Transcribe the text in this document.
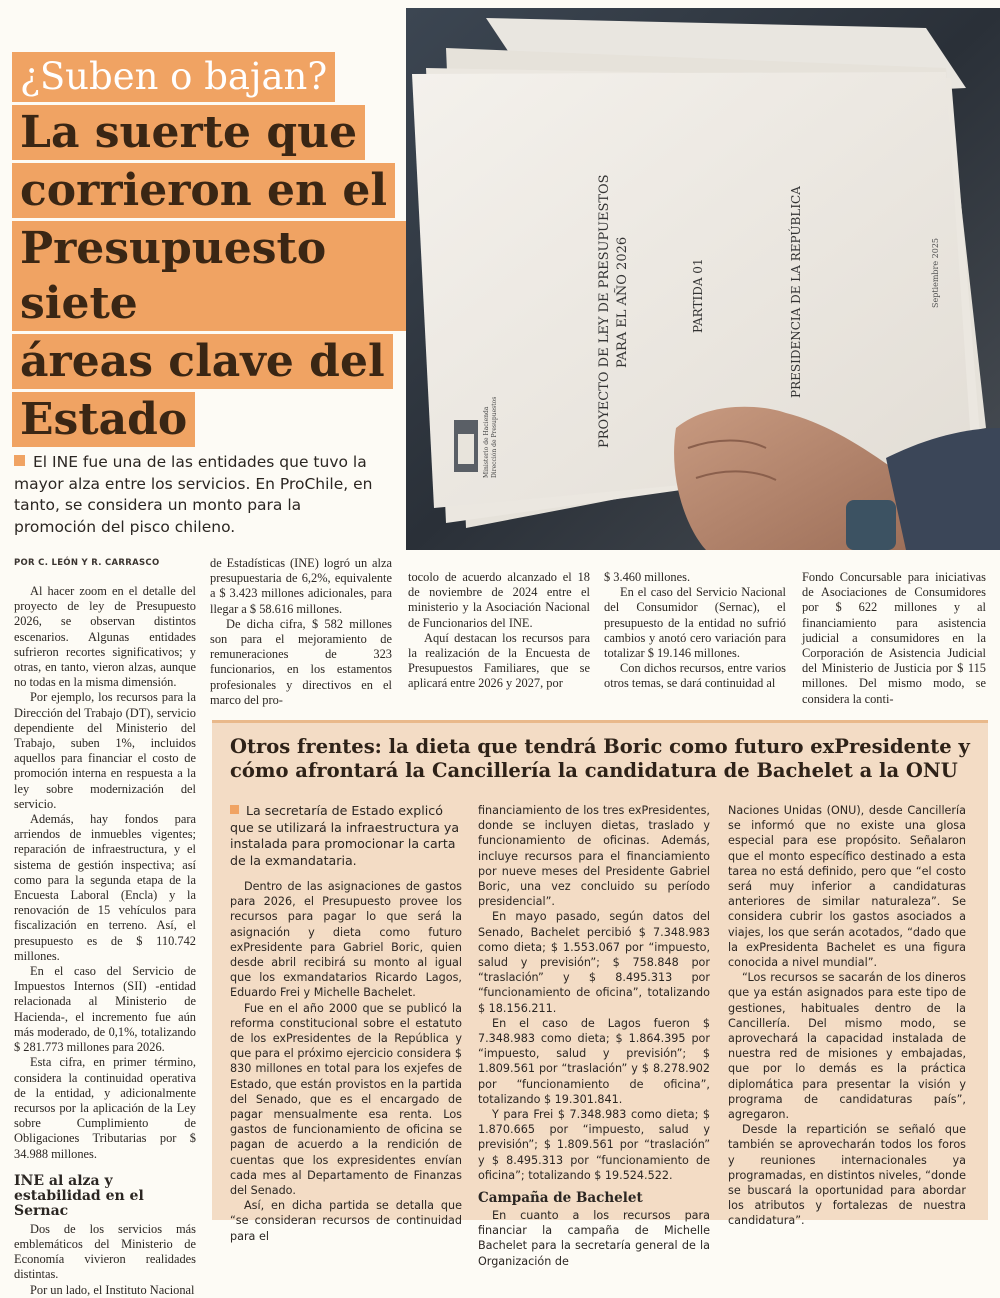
¿Suben o bajan?
La suerte que
corrieron en el
Presupuesto siete
áreas clave del
Estado	Ministerio de Hacienda Dirección de Presupuestos	PROYECTO DE LEY DE PRESUPUESTOS PARA EL AÑO 2026	PARTIDA 01	PRESIDENCIA DE LA REPÚBLICA	Septiembre 2025
El INE fue una de las entidades que tuvo la mayor alza entre los servicios. En ProChile, en tanto, se considera un monto para la promoción del pisco chileno.
POR C. LEÓN Y R. CARRASCO

Al hacer zoom en el detalle del proyecto de ley de Presupuesto 2026, se observan distintos escenarios. Algunas entidades sufrieron recortes significativos; y otras, en tanto, vieron alzas, aunque no todas en la misma dimensión.

Por ejemplo, los recursos para la Dirección del Trabajo (DT), servicio dependiente del Ministerio del Trabajo, suben 1%, incluidos aquellos para financiar el costo de promoción interna en respuesta a la ley sobre modernización del servicio.

Además, hay fondos para arriendos de inmuebles vigentes; reparación de infraestructura, y el sistema de gestión inspectiva; así como para la segunda etapa de la Encuesta Laboral (Encla) y la renovación de 15 vehículos para fiscalización en terreno. Así, el presupuesto es de $ 110.742 millones.

En el caso del Servicio de Impuestos Internos (SII) -entidad relacionada al Ministerio de Hacienda-, el incremento fue aún más moderado, de 0,1%, totalizando $ 281.773 millones para 2026.

Esta cifra, en primer término, considera la continuidad operativa de la entidad, y adicionalmente recursos por la aplicación de la Ley sobre Cumplimiento de Obligaciones Tributarias por $ 34.988 millones.

INE al alza y estabilidad en el Sernac

Dos de los servicios más emblemáticos del Ministerio de Economía vivieron realidades distintas.

Por un lado, el Instituto Nacional

de Estadísticas (INE) logró un alza presupuestaria de 6,2%, equivalente a $ 3.423 millones adicionales, para llegar a $ 58.616 millones.

De dicha cifra, $ 582 millones son para el mejoramiento de remuneraciones de 323 funcionarios, en los estamentos profesionales y directivos en el marco del pro-

tocolo de acuerdo alcanzado el 18 de noviembre de 2024 entre el ministerio y la Asociación Nacional de Funcionarios del INE.

Aquí destacan los recursos para la realización de la Encuesta de Presupuestos Familiares, que se aplicará entre 2026 y 2027, por

$ 3.460 millones.

En el caso del Servicio Nacional del Consumidor (Sernac), el presupuesto de la entidad no sufrió cambios y anotó cero variación para totalizar $ 19.146 millones.

Con dichos recursos, entre varios otros temas, se dará continuidad al

Fondo Concursable para iniciativas de Asociaciones de Consumidores por $ 622 millones y al financiamiento para asistencia judicial a consumidores en la Corporación de Asistencia Judicial del Ministerio de Justicia por $ 115 millones. Del mismo modo, se considera la conti-

Otros frentes: la dieta que tendrá Boric como futuro exPresidente y cómo afrontará la Cancillería la candidatura de Bachelet a la ONU
La secretaría de Estado explicó que se utilizará la infraestructura ya instalada para promocionar la carta de la exmandataria.

Dentro de las asignaciones de gastos para 2026, el Presupuesto provee los recursos para pagar lo que será la asignación y dieta como futuro exPresidente para Gabriel Boric, quien desde abril recibirá su monto al igual que los exmandatarios Ricardo Lagos, Eduardo Frei y Michelle Bachelet.

Fue en el año 2000 que se publicó la reforma constitucional sobre el estatuto de los exPresidentes de la República y que para el próximo ejercicio considera $ 830 millones en total para los exjefes de Estado, que están provistos en la partida del Senado, que es el encargado de pagar mensualmente esa renta. Los gastos de funcionamiento de oficina se pagan de acuerdo a la rendición de cuentas que los expresidentes envían cada mes al Departamento de Finanzas del Senado.

Así, en dicha partida se detalla que “se consideran recursos de continuidad para el

financiamiento de los tres exPresidentes, donde se incluyen dietas, traslado y funcionamiento de oficinas. Además, incluye recursos para el financiamiento por nueve meses del Presidente Gabriel Boric, una vez concluido su período presidencial”.

En mayo pasado, según datos del Senado, Bachelet percibió $ 7.348.983 como dieta; $ 1.553.067 por “impuesto, salud y previsión”; $ 758.848 por “traslación” y $ 8.495.313 por “funcionamiento de oficina”, totalizando $ 18.156.211.

En el caso de Lagos fueron $ 7.348.983 como dieta; $ 1.864.395 por “impuesto, salud y previsión”; $ 1.809.561 por “traslación” y $ 8.278.902 por “funcionamiento de oficina”, totalizando $ 19.301.841.

Y para Frei $ 7.348.983 como dieta; $ 1.870.665 por “impuesto, salud y previsión”; $ 1.809.561 por “traslación” y $ 8.495.313 por “funcionamiento de oficina”; totalizando $ 19.524.522.

Campaña de Bachelet

En cuanto a los recursos para financiar la campaña de Michelle Bachelet para la secretaría general de la Organización de

Naciones Unidas (ONU), desde Cancillería se informó que no existe una glosa especial para ese propósito. Señalaron que el monto específico destinado a esta tarea no está definido, pero que “el costo será muy inferior a candidaturas anteriores de similar naturaleza”. Se considera cubrir los gastos asociados a viajes, los que serán acotados, “dado que la exPresidenta Bachelet es una figura conocida a nivel mundial”.

“Los recursos se sacarán de los dineros que ya están asignados para este tipo de gestiones, habituales dentro de la Cancillería. Del mismo modo, se aprovechará la capacidad instalada de nuestra red de misiones y embajadas, que por lo demás es la práctica diplomática para presentar la visión y programa de candidaturas país”, agregaron.

Desde la repartición se señaló que también se aprovecharán todos los foros y reuniones internacionales ya programadas, en distintos niveles, “donde se buscará la oportunidad para abordar los atributos y fortalezas de nuestra candidatura”.
